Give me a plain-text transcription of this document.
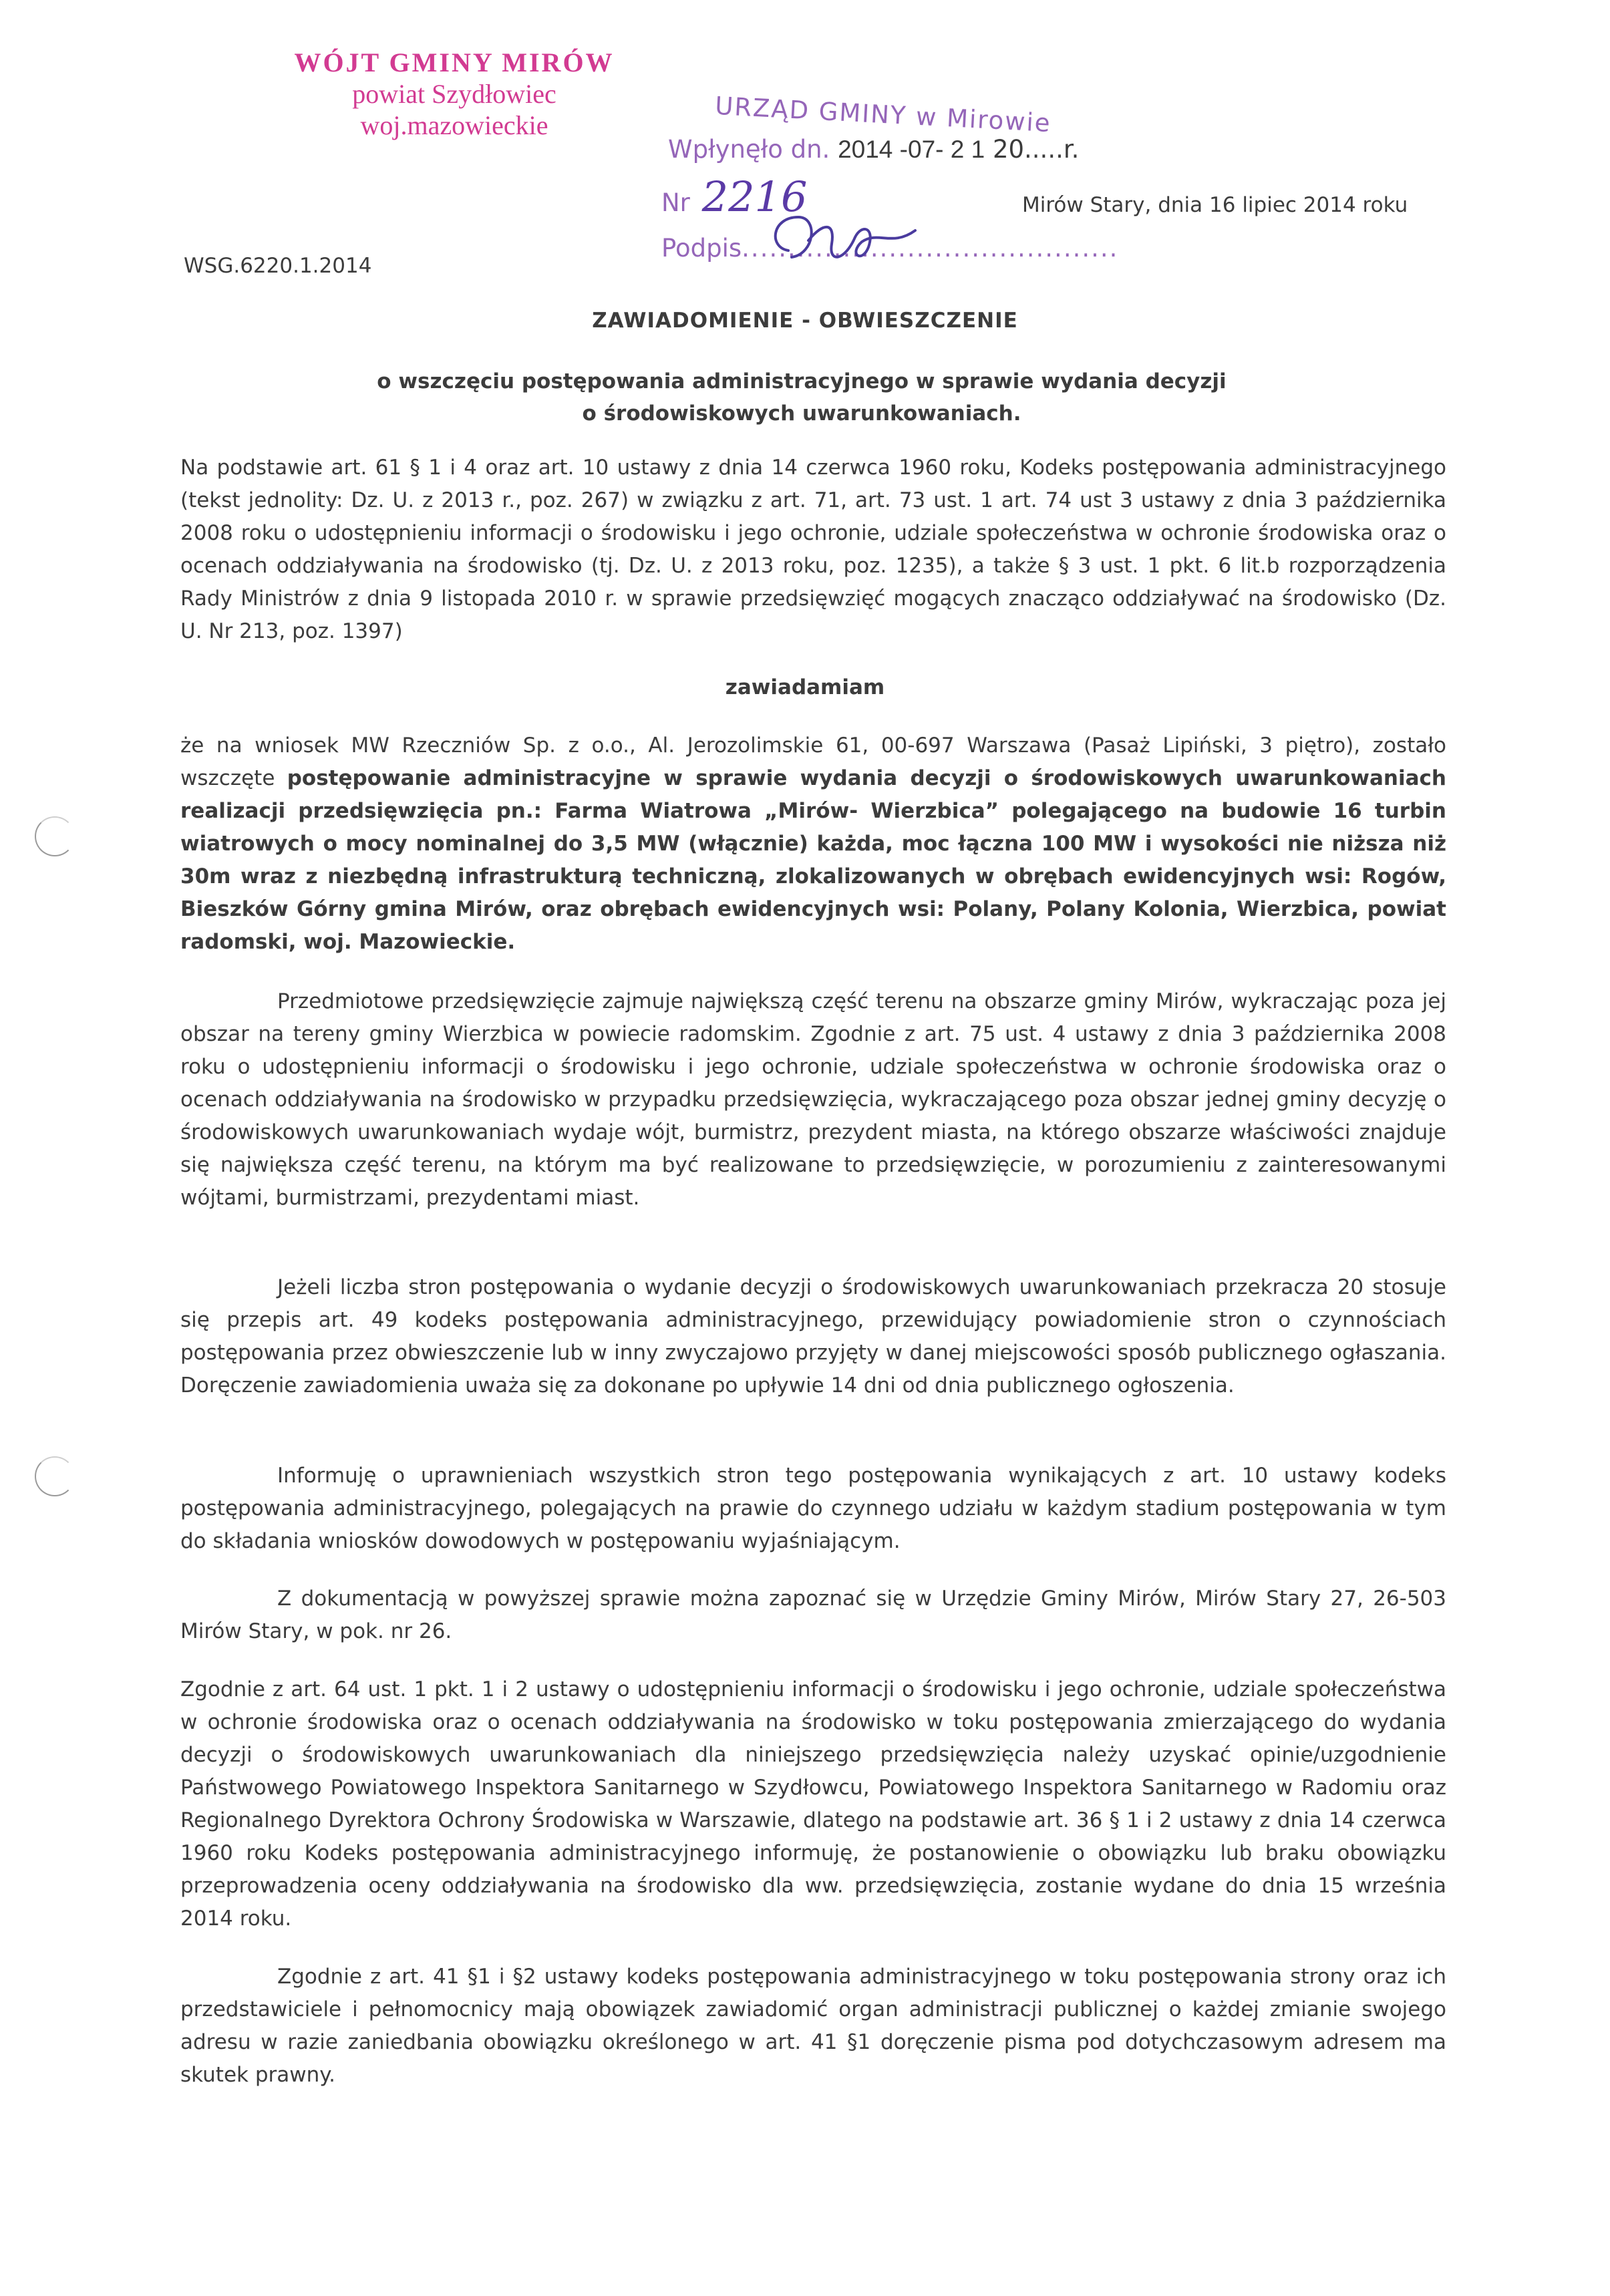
WÓJT GMINY MIRÓW
powiat Szydłowiec
woj.mazowieckie	URZĄD GMINY w Mirowie
Wpłynęło dn. 2014 -07- 2 1 20.....r.
Nr 2216
Podpis.........................................
WSG.6220.1.2014
Mirów Stary, dnia 16 lipiec 2014 roku
ZAWIADOMIENIE - OBWIESZCZENIE
o wszczęciu postępowania administracyjnego w sprawie wydania decyzji
o środowiskowych uwarunkowaniach.
Na podstawie art. 61 § 1 i 4 oraz art. 10 ustawy z dnia 14 czerwca 1960 roku, Kodeks postępowania administracyjnego (tekst jednolity: Dz. U. z 2013 r., poz. 267) w związku z art. 71, art. 73 ust. 1 art. 74 ust 3 ustawy z dnia 3 października 2008 roku o udostępnieniu informacji o środowisku i jego ochronie, udziale społeczeństwa w ochronie środowiska oraz o ocenach oddziaływania na środowisko (tj. Dz. U. z 2013 roku, poz. 1235), a także § 3 ust. 1 pkt. 6 lit.b rozporządzenia Rady Ministrów z dnia 9 listopada 2010 r. w sprawie przedsięwzięć mogących znacząco oddziaływać na środowisko (Dz. U. Nr 213, poz. 1397)
zawiadamiam
że na wniosek MW Rzeczniów Sp. z o.o., Al. Jerozolimskie 61, 00-697 Warszawa (Pasaż Lipiński, 3 piętro), zostało wszczęte postępowanie administracyjne w sprawie wydania decyzji o środowiskowych uwarunkowaniach realizacji przedsięwzięcia pn.: Farma Wiatrowa „Mirów- Wierzbica” polegającego na budowie 16 turbin wiatrowych o mocy nominalnej do 3,5 MW (włącznie) każda, moc łączna 100 MW i wysokości nie niższa niż 30m wraz z niezbędną infrastrukturą techniczną, zlokalizowanych w obrębach ewidencyjnych wsi: Rogów, Bieszków Górny gmina Mirów, oraz obrębach ewidencyjnych wsi: Polany, Polany Kolonia, Wierzbica, powiat radomski, woj. Mazowieckie.
Przedmiotowe przedsięwzięcie zajmuje największą część terenu na obszarze gminy Mirów, wykraczając poza jej obszar na tereny gminy Wierzbica w powiecie radomskim. Zgodnie z art. 75 ust. 4 ustawy z dnia 3 października 2008 roku o udostępnieniu informacji o środowisku i jego ochronie, udziale społeczeństwa w ochronie środowiska oraz o ocenach oddziaływania na środowisko w przypadku przedsięwzięcia, wykraczającego poza obszar jednej gminy decyzję o środowiskowych uwarunkowaniach wydaje wójt, burmistrz, prezydent miasta, na którego obszarze właściwości znajduje się największa część terenu, na którym ma być realizowane to przedsięwzięcie, w porozumieniu z zainteresowanymi wójtami, burmistrzami, prezydentami miast.
Jeżeli liczba stron postępowania o wydanie decyzji o środowiskowych uwarunkowaniach przekracza 20 stosuje się przepis art. 49 kodeks postępowania administracyjnego, przewidujący powiadomienie stron o czynnościach postępowania przez obwieszczenie lub w inny zwyczajowo przyjęty w danej miejscowości sposób publicznego ogłaszania. Doręczenie zawiadomienia uważa się za dokonane po upływie 14 dni od dnia publicznego ogłoszenia.
Informuję o uprawnieniach wszystkich stron tego postępowania wynikających z art. 10 ustawy kodeks postępowania administracyjnego, polegających na prawie do czynnego udziału w każdym stadium postępowania w tym do składania wniosków dowodowych w postępowaniu wyjaśniającym.
Z dokumentacją w powyższej sprawie można zapoznać się w Urzędzie Gminy Mirów, Mirów Stary 27, 26-503 Mirów Stary, w pok. nr 26.
Zgodnie z art. 64 ust. 1 pkt. 1 i 2 ustawy o udostępnieniu informacji o środowisku i jego ochronie, udziale społeczeństwa w ochronie środowiska oraz o ocenach oddziaływania na środowisko w toku postępowania zmierzającego do wydania decyzji o środowiskowych uwarunkowaniach dla niniejszego przedsięwzięcia należy uzyskać opinie/uzgodnienie Państwowego Powiatowego Inspektora Sanitarnego w Szydłowcu, Powiatowego Inspektora Sanitarnego w Radomiu oraz Regionalnego Dyrektora Ochrony Środowiska w Warszawie, dlatego na podstawie art. 36 § 1 i 2 ustawy z dnia 14 czerwca 1960 roku Kodeks postępowania administracyjnego informuję, że postanowienie o obowiązku lub braku obowiązku przeprowadzenia oceny oddziaływania na środowisko dla ww. przedsięwzięcia, zostanie wydane do dnia 15 września 2014 roku.
Zgodnie z art. 41 §1 i §2 ustawy kodeks postępowania administracyjnego w toku postępowania strony oraz ich przedstawiciele i pełnomocnicy mają obowiązek zawiadomić organ administracji publicznej o każdej zmianie swojego adresu w razie zaniedbania obowiązku określonego w art. 41 §1 doręczenie pisma pod dotychczasowym adresem ma skutek prawny.
